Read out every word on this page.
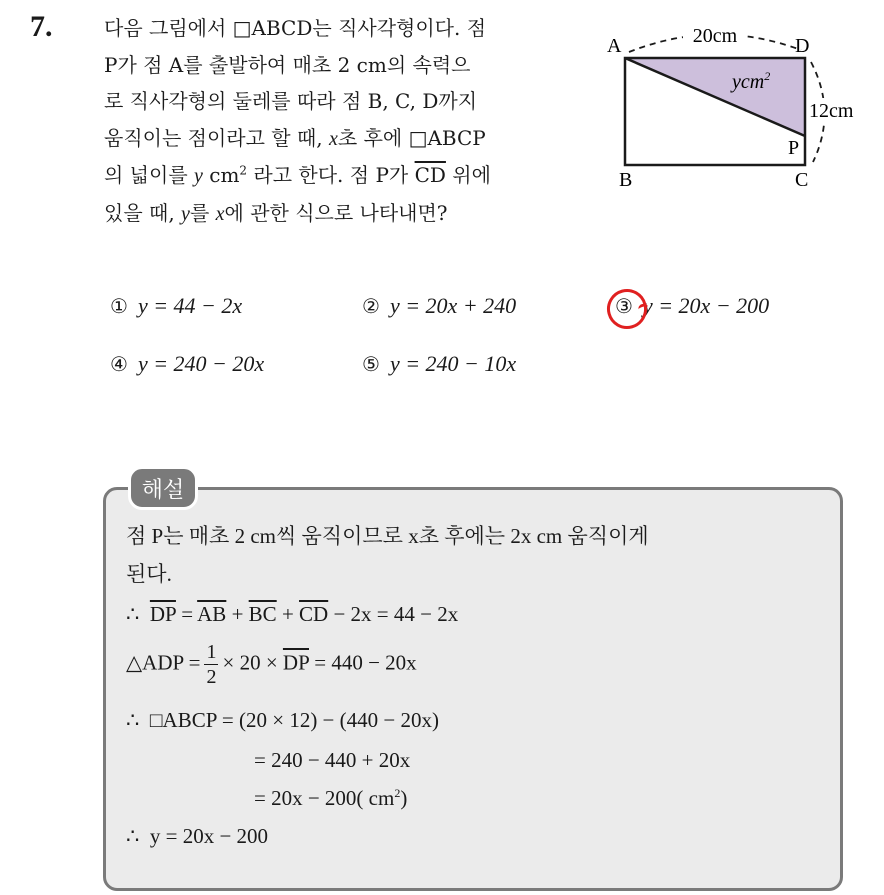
7.	다음 그림에서 □ABCD는 직사각형이다. 점
P가 점 A를 출발하여 매초 2 cm의 속력으
로 직사각형의 둘레를 따라 점 B, C, D까지
움직이는 점이라고 할 때, x초 후에 □ABCP
의 넓이를 y $cm^2$ 라고 한다. 점 P가 $\overline{CD}$ 위에
있을 때, y를 x에 관한 식으로 나타내면?
20cm
12cm
A	D
B	C
P
ycm$^2$
① y = 44 − 2x	② y = 20x + 240	③ y = 20x − 200
④ y = 240 − 20x	⑤ y = 240 − 10x
해설
점 P는 매초 2 cm씩 움직이므로 x초 후에는 2x cm 움직이게
된다.
∴ $\overline{DP} = \overline{AB} + \overline{BC} + \overline{CD} - 2x = 44 - 2x$
△ADP = $\frac{1}{2} \times 20 \times \overline{DP} = 440 - 20x$
∴ □ABCP = (20 × 12) − (440 − 20x)
= 240 − 440 + 20x
= 20x − 200( $cm^2$)
∴ y = 20x − 200
